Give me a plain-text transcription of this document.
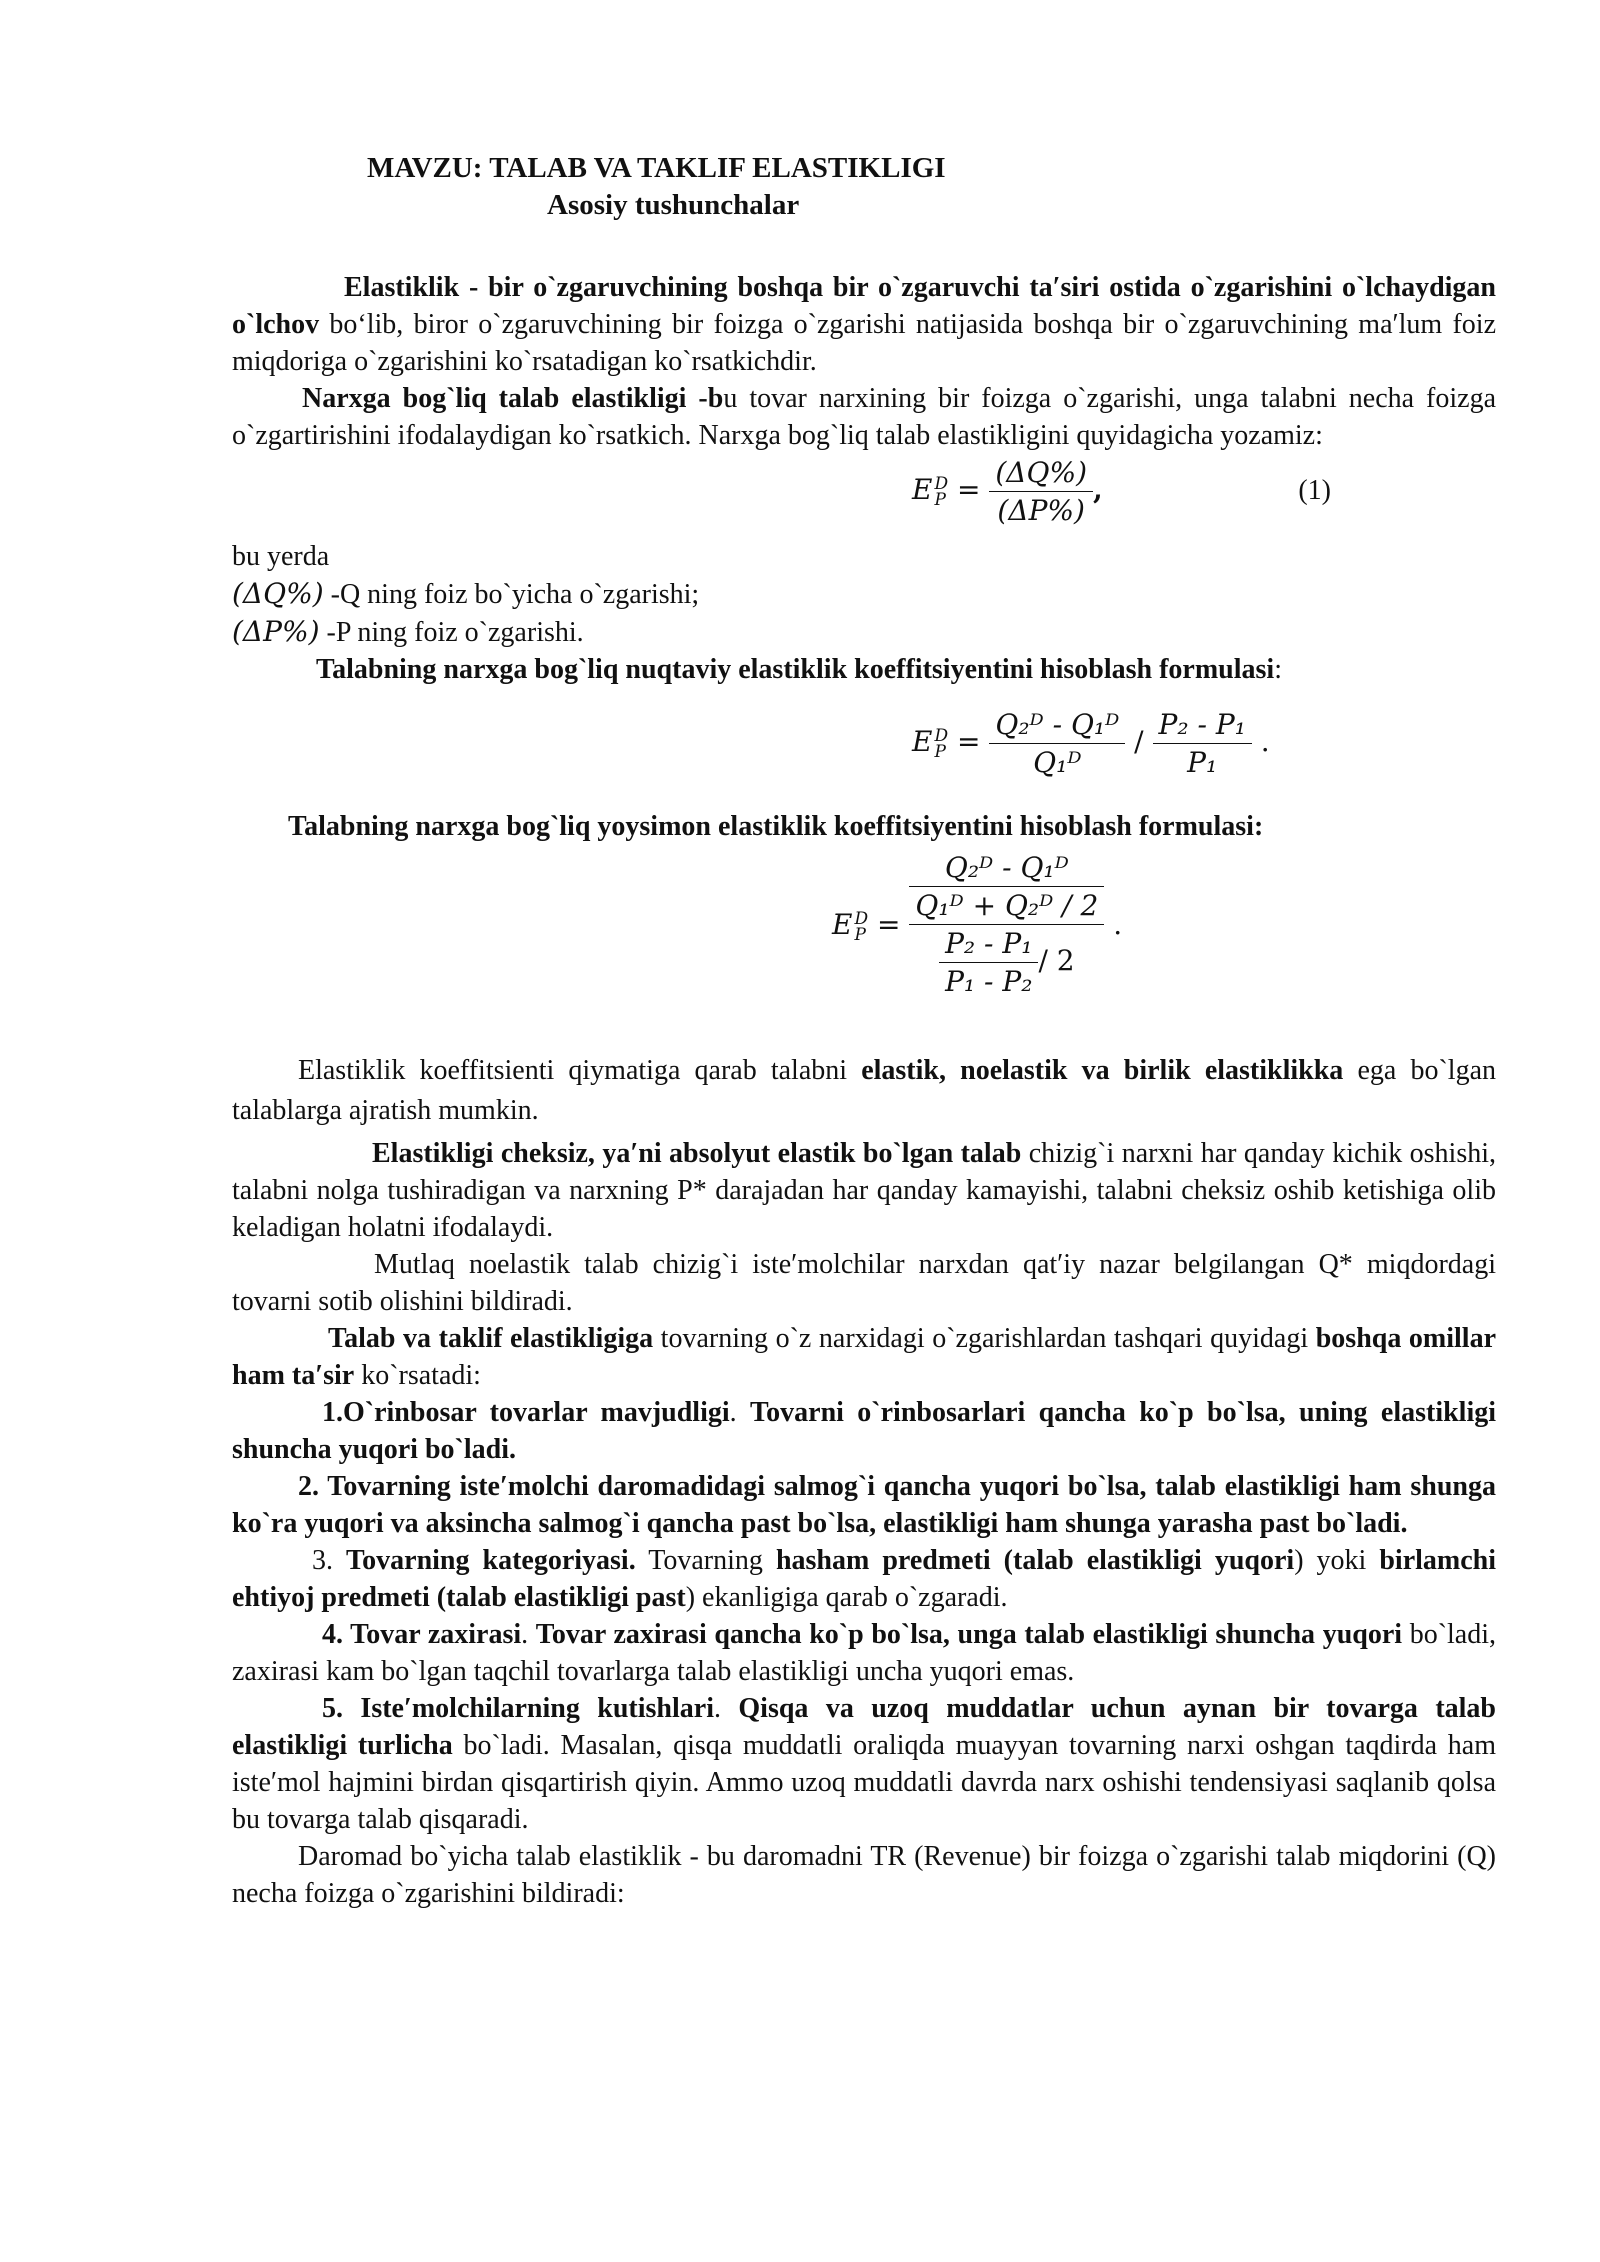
MAVZU: TALAB VA TAKLIF ELASTIKLIGI

Asosiy tushunchalar

Elastiklik - bir o`zgaruvchining boshqa bir o`zgaruvchi ta′siri ostida o`zgarishini o`lchaydigan o`lchov bo‘lib, biror o`zgaruvchining bir foizga o`zgarishi natijasida boshqa bir o`zgaruvchining ma′lum foiz miqdoriga o`zgarishini ko`rsatadigan ko`rsatkichdir.

Narxga bog`liq talab elastikligi -bu tovar narxining bir foizga o`zgarishi, unga talabni necha foizga o`zgartirishini ifodalaydigan ko`rsatkich. Narxga bog`liq talab elastikligini quyidagicha yozamiz:

E D
$P = \frac{(\Delta Q\%)}{(\Delta P\%)}$ ,	(1)

bu yerda

(ΔQ%) -Q ning foiz bo`yicha o`zgarishi;

(ΔP%) -P ning foiz o`zgarishi.

Talabning narxga bog`liq nuqtaviy elastiklik koeffitsiyentini hisoblash formulasi:

E D
$P = \frac{\text{Q₂ᴰ - Q₁ᴰ}}{\text{Q₁ᴰ}} / \frac{\text{P₂ - P₁}}{\text{P₁}}$ .

Talabning narxga bog`liq yoysimon elastiklik koeffitsiyentini hisoblash formulasi:

E D
$P = \frac{\frac{\text{Q₂ᴰ - Q₁ᴰ}}{\text{Q₁ᴰ + Q₂ᴰ / 2}}}{\frac{\text{P₂ - P₁}}{\text{P₁ - P₂}} / 2}$ .

Elastiklik koeffitsienti qiymatiga qarab talabni elastik, noelastik va birlik elastiklikka ega bo`lgan talablarga ajratish mumkin.

Elastikligi cheksiz, ya′ni absolyut elastik bo`lgan talab chizig`i narxni har qanday kichik oshishi, talabni nolga tushiradigan va narxning P* darajadan har qanday kamayishi, talabni cheksiz oshib ketishiga olib keladigan holatni ifodalaydi.

Mutlaq noelastik talab chizig`i iste′molchilar narxdan qat′iy nazar belgilangan Q* miqdordagi tovarni sotib olishini bildiradi.

Talab va taklif elastikligiga tovarning o`z narxidagi o`zgarishlardan tashqari quyidagi boshqa omillar ham ta′sir ko`rsatadi:

1.O`rinbosar tovarlar mavjudligi. Tovarni o`rinbosarlari qancha ko`p bo`lsa, uning elastikligi shuncha yuqori bo`ladi.

2. Tovarning iste′molchi daromadidagi salmog`i qancha yuqori bo`lsa, talab elastikligi ham shunga ko`ra yuqori va aksincha salmog`i qancha past bo`lsa, elastikligi ham shunga yarasha past bo`ladi.

3. Tovarning kategoriyasi. Tovarning hasham predmeti (talab elastikligi yuqori) yoki birlamchi ehtiyoj predmeti (talab elastikligi past) ekanligiga qarab o`zgaradi.

4. Tovar zaxirasi. Tovar zaxirasi qancha ko`p bo`lsa, unga talab elastikligi shuncha yuqori bo`ladi, zaxirasi kam bo`lgan taqchil tovarlarga talab elastikligi uncha yuqori emas.

5. Iste′molchilarning kutishlari. Qisqa va uzoq muddatlar uchun aynan bir tovarga talab elastikligi turlicha bo`ladi. Masalan, qisqa muddatli oraliqda muayyan tovarning narxi oshgan taqdirda ham iste′mol hajmini birdan qisqartirish qiyin. Ammo uzoq muddatli davrda narx oshishi tendensiyasi saqlanib qolsa bu tovarga talab qisqaradi.

Daromad bo`yicha talab elastiklik - bu daromadni TR (Revenue) bir foizga o`zgarishi talab miqdorini (Q) necha foizga o`zgarishini bildiradi:
